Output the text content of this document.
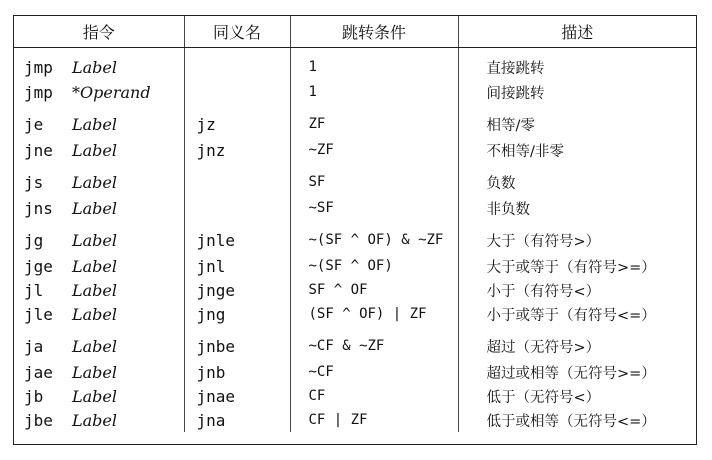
指令	同义名	跳转条件	描述
jmp Label		1	直接跳转
jmp *Operand		1	间接跳转
je Label	jz	ZF	相等/零
jne Label	jnz	~ZF	不相等/非零
js Label		SF	负数
jns Label		~SF	非负数
jg Label	jnle	~(SF ^ OF) & ~ZF	大于（有符号>）
jge Label	jnl	~(SF ^ OF)	大于或等于（有符号>=）
jl Label	jnge	SF ^ OF	小于（有符号<）
jle Label	jng	(SF ^ OF) | ZF	小于或等于（有符号<=）
ja Label	jnbe	~CF & ~ZF	超过（无符号>）
jae Label	jnb	~CF	超过或相等（无符号>=）
jb Label	jnae	CF	低于（无符号<）
jbe Label	jna	CF | ZF	低于或相等（无符号<=）
